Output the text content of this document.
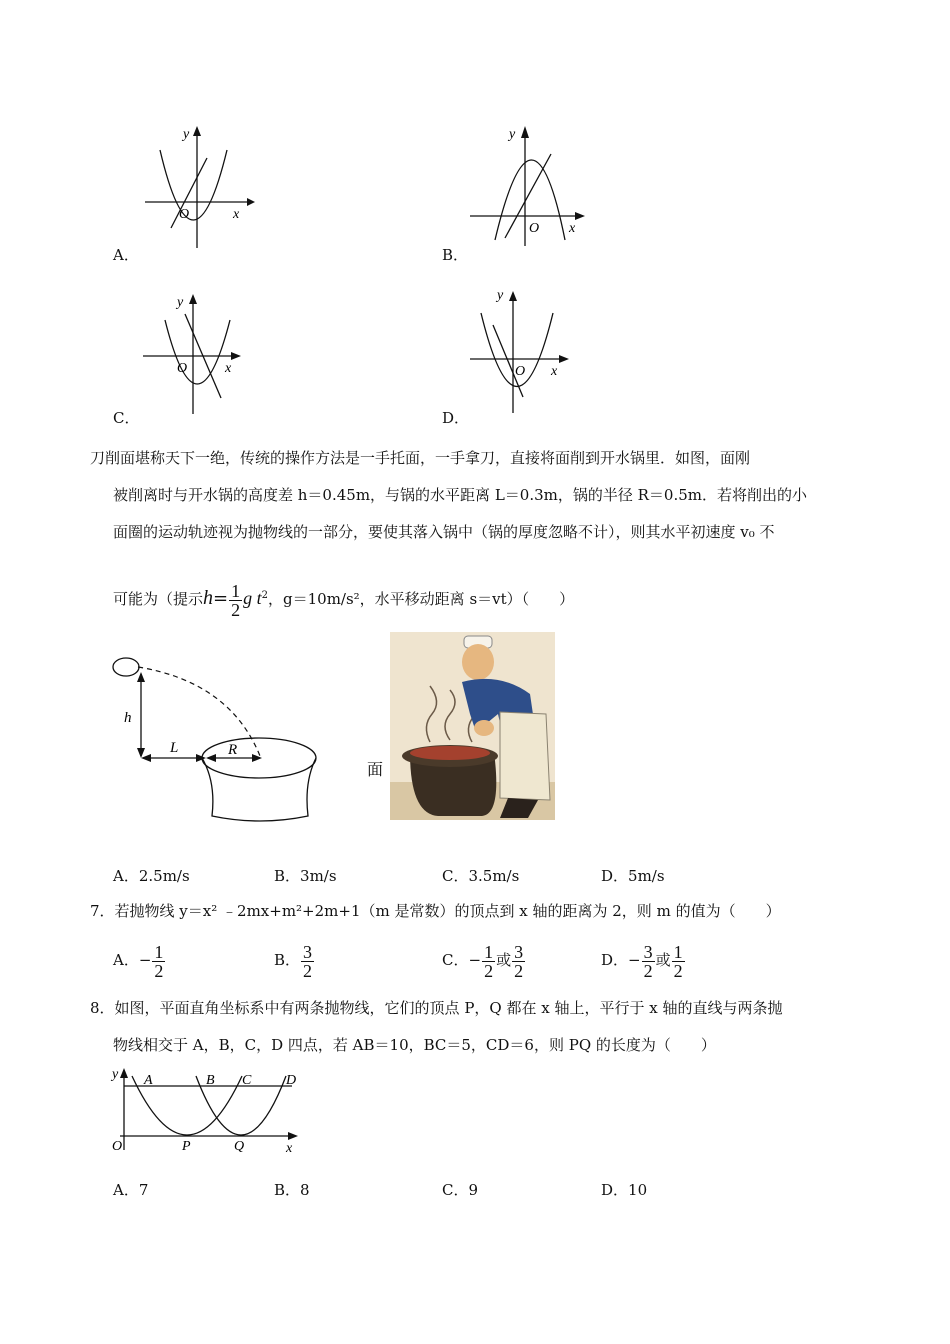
y
O	x
A．
y
O x
B．
y
O	x
C．
y
O x
D．
刀削面堪称天下一绝，传统的操作方法是一手托面，一手拿刀，直接将面削到开水锅里．如图，面刚
被削离时与开水锅的高度差 h＝0.45m，与锅的水平距离 L＝0.3m，锅的半径 R＝0.5m．若将削出的小
面圈的运动轨迹视为抛物线的一部分，要使其落入锅中（锅的厚度忽略不计），则其水平初速度 v₀ 不
可能为（提示$h= \frac{1}{2}$ g $t^2$，g＝10m/s²，水平移动距离 s＝vt）（　　）
h
L	R
面
A．2.5m/s	B．3m/s	C．3.5m/s	D．5m/s
7．若抛物线 y＝x² ﹣2mx+m²+2m+1（m 是常数）的顶点到 x 轴的距离为 2，则 m 的值为（　　）
A．− $\frac{1}{2}$	B． $\frac{3}{2}$	C．− $\frac{1}{2}$ 或 $\frac{3}{2}$	D．− $\frac{3}{2}$ 或 $\frac{1}{2}$
8．如图，平面直角坐标系中有两条抛物线，它们的顶点 P，Q 都在 x 轴上，平行于 x 轴的直线与两条抛
物线相交于 A，B，C，D 四点，若 AB＝10，BC＝5，CD＝6，则 PQ 的长度为（　　）
y A	B C D
O	P	Q	x
A．7	B．8	C．9	D．10
